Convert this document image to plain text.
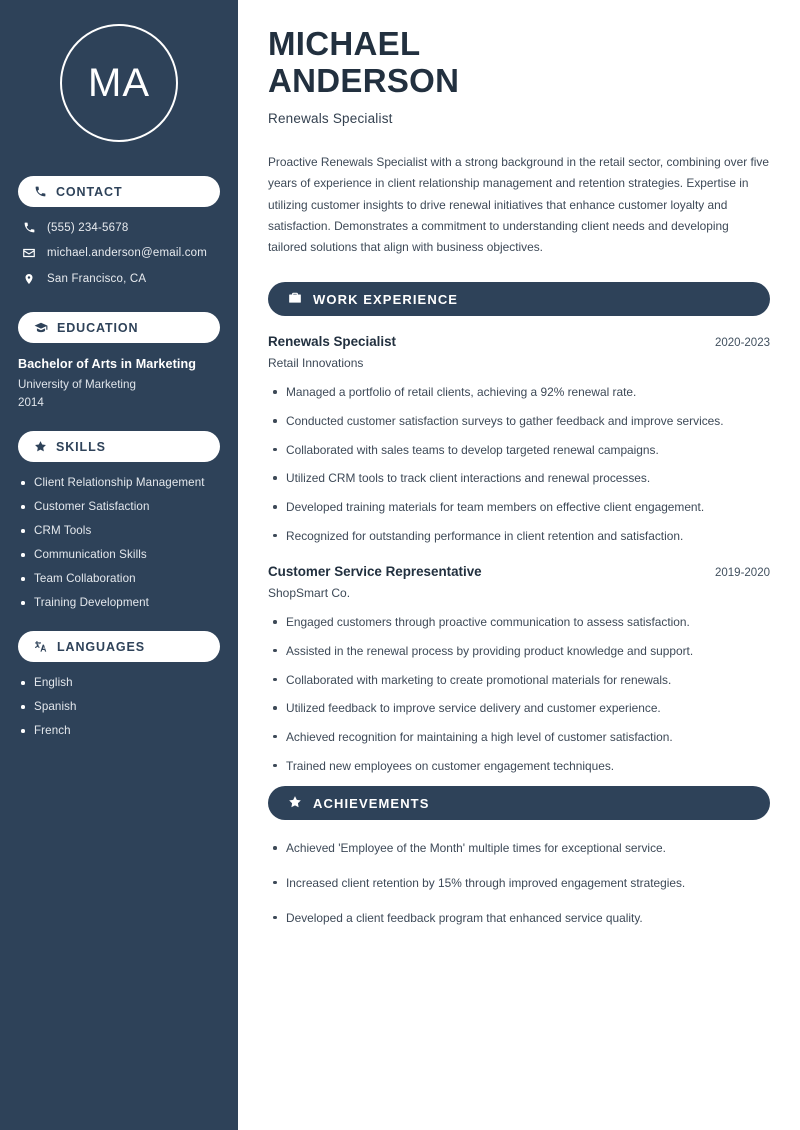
MA
CONTACT
(555) 234-5678
michael.anderson@email.com
San Francisco, CA
EDUCATION
Bachelor of Arts in Marketing
University of Marketing
2014
SKILLS
Client Relationship Management
Customer Satisfaction
CRM Tools
Communication Skills
Team Collaboration
Training Development
LANGUAGES
English
Spanish
French
MICHAEL
ANDERSON
Renewals Specialist

Proactive Renewals Specialist with a strong background in the retail sector, combining over five years of experience in client relationship management and retention strategies. Expertise in utilizing customer insights to drive renewal initiatives that enhance customer loyalty and satisfaction. Demonstrates a commitment to understanding client needs and developing tailored solutions that align with business objectives.

WORK EXPERIENCE
Renewals Specialist	2020-2023
Retail Innovations
Managed a portfolio of retail clients, achieving a 92% renewal rate.
Conducted customer satisfaction surveys to gather feedback and improve services.
Collaborated with sales teams to develop targeted renewal campaigns.
Utilized CRM tools to track client interactions and renewal processes.
Developed training materials for team members on effective client engagement.
Recognized for outstanding performance in client retention and satisfaction.
Customer Service Representative	2019-2020
ShopSmart Co.
Engaged customers through proactive communication to assess satisfaction.
Assisted in the renewal process by providing product knowledge and support.
Collaborated with marketing to create promotional materials for renewals.
Utilized feedback to improve service delivery and customer experience.
Achieved recognition for maintaining a high level of customer satisfaction.
Trained new employees on customer engagement techniques.
ACHIEVEMENTS
Achieved 'Employee of the Month' multiple times for exceptional service.
Increased client retention by 15% through improved engagement strategies.
Developed a client feedback program that enhanced service quality.
